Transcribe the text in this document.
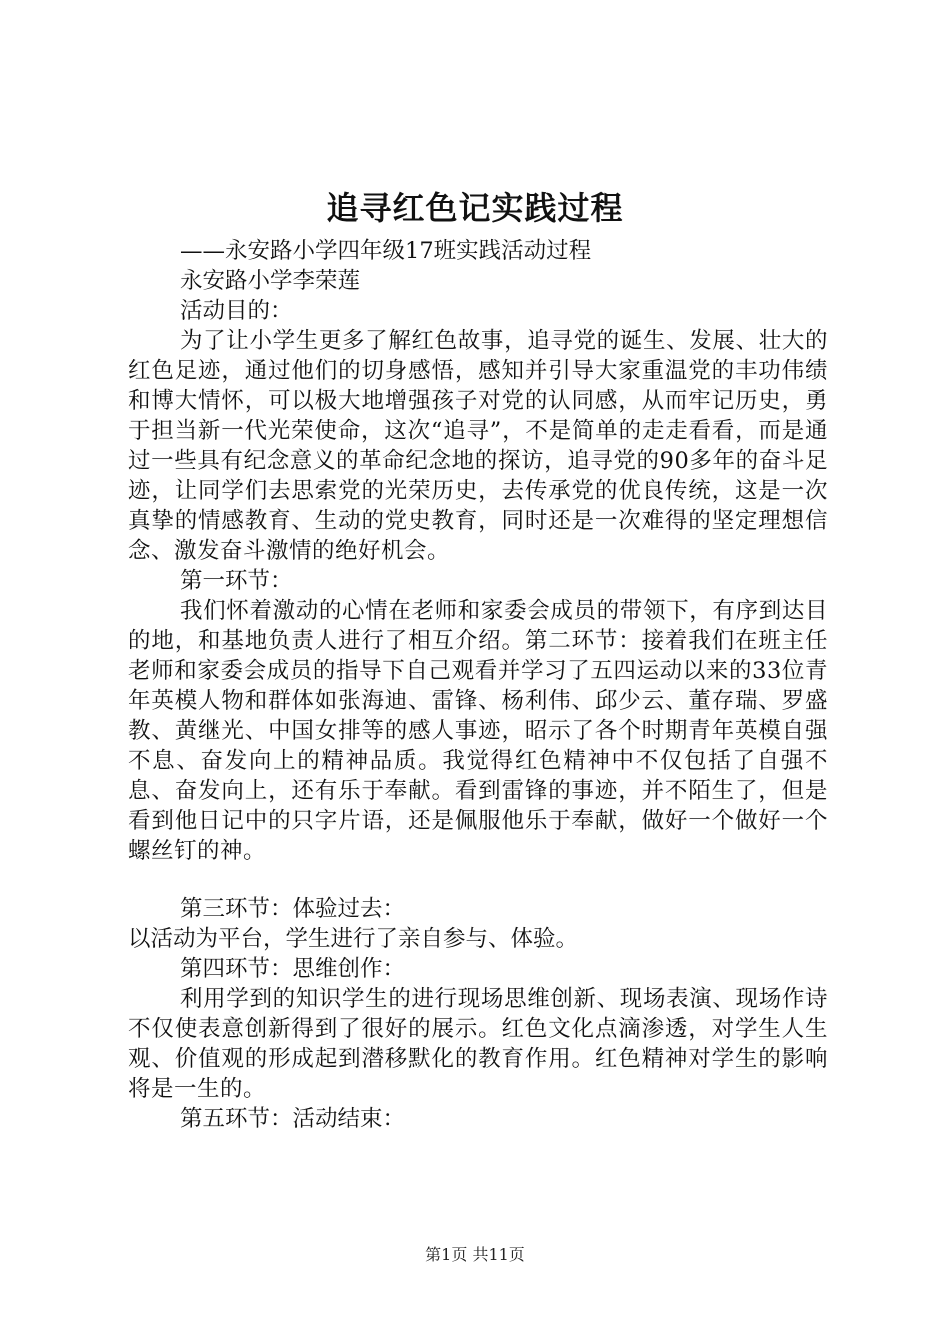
追寻红色记实践过程

——永安路小学四年级17班实践活动过程

永安路小学李荣莲

活动目的：

为了让小学生更多了解红色故事，追寻党的诞生、发展、壮大的红色足迹，通过他们的切身感悟，感知并引导大家重温党的丰功伟绩和博大情怀，可以极大地增强孩子对党的认同感，从而牢记历史，勇于担当新一代光荣使命，这次“追寻”，不是简单的走走看看，而是通过一些具有纪念意义的革命纪念地的探访，追寻党的90多年的奋斗足迹，让同学们去思索党的光荣历史，去传承党的优良传统，这是一次真挚的情感教育、生动的党史教育，同时还是一次难得的坚定理想信念、激发奋斗激情的绝好机会。

第一环节：

我们怀着激动的心情在老师和家委会成员的带领下，有序到达目的地，和基地负责人进行了相互介绍。第二环节：接着我们在班主任老师和家委会成员的指导下自己观看并学习了五四运动以来的33位青年英模人物和群体如张海迪、雷锋、杨利伟、邱少云、董存瑞、罗盛教、黄继光、中国女排等的感人事迹，昭示了各个时期青年英模自强不息、奋发向上的精神品质。我觉得红色精神中不仅包括了自强不息、奋发向上，还有乐于奉献。看到雷锋的事迹，并不陌生了，但是看到他日记中的只字片语，还是佩服他乐于奉献，做好一个做好一个螺丝钉的神。

第三环节：体验过去：

以活动为平台，学生进行了亲自参与、体验。

第四环节：思维创作：

利用学到的知识学生的进行现场思维创新、现场表演、现场作诗不仅使表意创新得到了很好的展示。红色文化点滴渗透，对学生人生观、价值观的形成起到潜移默化的教育作用。红色精神对学生的影响将是一生的。

第五环节：活动结束：

第1页 共11页
